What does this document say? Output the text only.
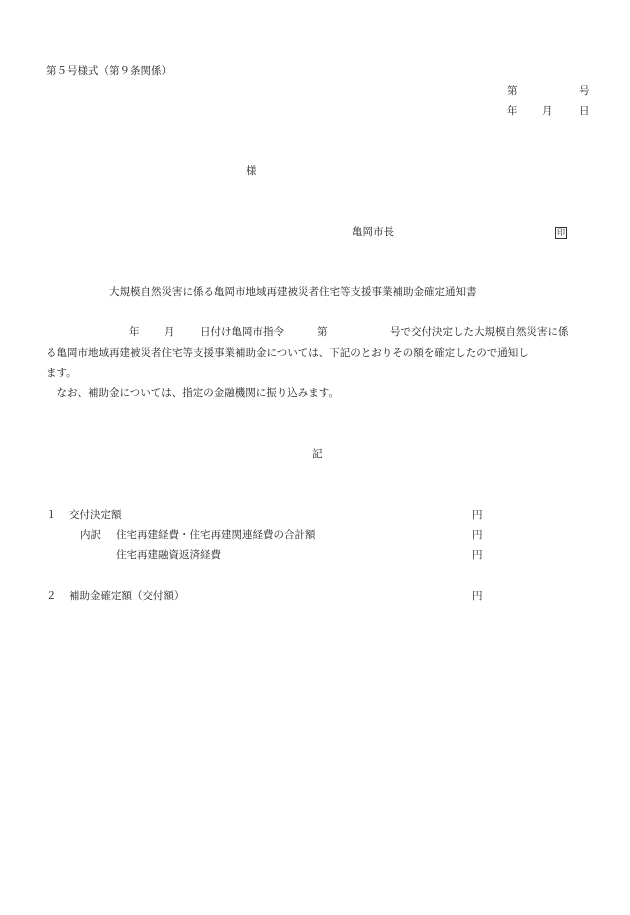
第５号様式（第９条関係）
第	号
年 月	日
様
亀岡市長	印
大規模自然災害に係る亀岡市地域再建被災者住宅等支援事業補助金確定通知書
年 月 日付け亀岡市指令	第	号で交付決定した大規模自然災害に係
る亀岡市地域再建被災者住宅等支援事業補助金については、下記のとおりその額を確定したので通知し
ます。
　なお、補助金については、指定の金融機関に振り込みます。
記
１ 交付決定額	円
内訳 住宅再建経費・住宅再建関連経費の合計額	円
住宅再建融資返済経費	円
２ 補助金確定額（交付額）	円
